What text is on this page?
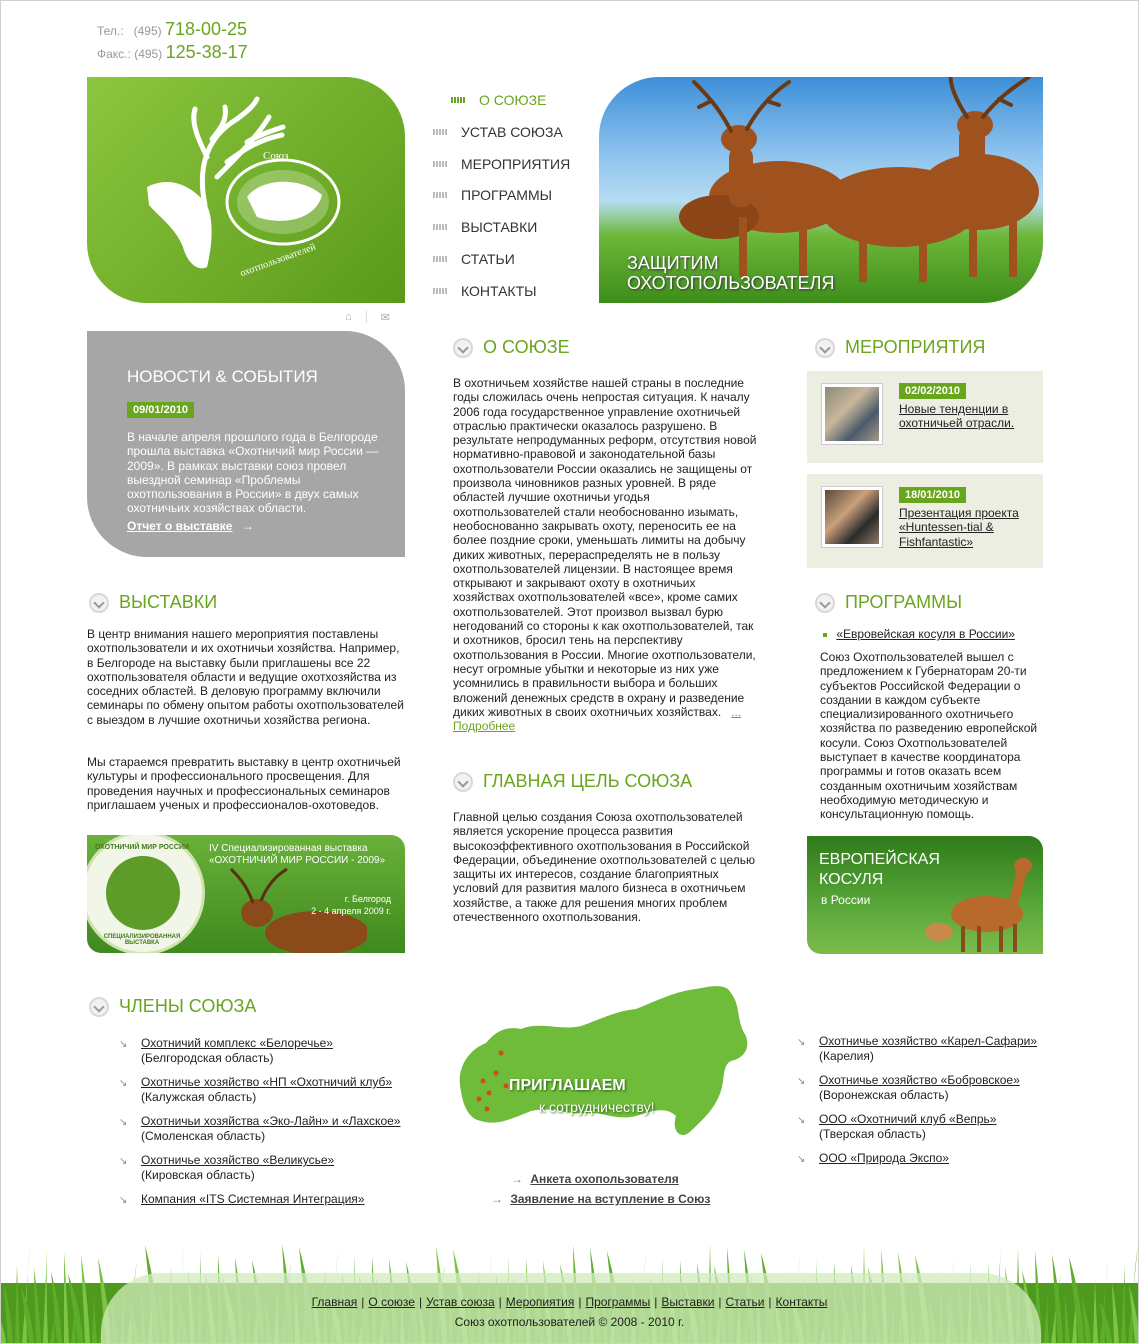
Тел.: (495) 718-00-25
Факс.: (495) 125-38-17
Союз
охотпользователей
⌂	✉
О СОЮЗЕ
УСТАВ СОЮЗА
МЕРОПРИЯТИЯ
ПРОГРАММЫ
ВЫСТАВКИ
СТАТЬИ
КОНТАКТЫ
ЗАЩИТИМ
ОХОТОПОЛЬЗОВАТЕЛЯ
НОВОСТИ & СОБЫТИЯ
09/01/2010
В начале апреля прошлого года в Белгороде прошла выставка «Охотничий мир России — 2009». В рамках выставки союз провел выездной семинар «Проблемы охотпользования в России» в двух самых охотничьих хозяйствах области.
Отчет о выставке →
О СОЮЗЕ
В охотничьем хозяйстве нашей страны в последние годы сложилась очень непростая ситуация. К началу 2006 года государственное управление охотничьей отраслью практически оказалось разрушено. В результате непродуманных реформ, отсутствия новой нормативно-правовой и законодательной базы охотпользователи России оказались не защищены от произвола чиновников разных уровней. В ряде областей лучшие охотничьи угодья охотпользователей стали необоснованно изымать, необоснованно закрывать охоту, переносить ее на более поздние сроки, уменьшать лимиты на добычу диких животных, перераспределять не в пользу охотпользователей лицензии. В настоящее время открывают и закрывают охоту в охотничьих хозяйствах охотпользователей «все», кроме самих охотпользователей. Этот произвол вызвал бурю негодований со стороны к как охотпользователей, так и охотников, бросил тень на перспективу охотпользования в России. Многие охотпользователи, несут огромные убытки и некоторые из них уже усомнились в правильности выбора и больших вложений денежных средств в охрану и разведение диких животных в своих охотничьих хозяйствах. ... Подробнее
ГЛАВНАЯ ЦЕЛЬ СОЮЗА
Главной целью создания Союза охотпользователей является ускорение процесса развития высокоэффективного охотпользования в Российской Федерации, объединение охотпользователей с целью защиты их интересов, создание благоприятных условий для развития малого бизнеса в охотничьем хозяйстве, а также для решения многих проблем отечественного охотпользования.
МЕРОПРИЯТИЯ
02/02/2010
Новые тенденции в охотничьей отрасли.
18/01/2010
Презентация проекта «Huntessen-tial & Fishfantastic»
ВЫСТАВКИ
В центр внимания нашего мероприятия поставлены охотпользователи и их охотничьи хозяйства. Например, в Белгороде на выставку были приглашены все 22 охотпользователя области и ведущие охотхозяйства из соседних областей. В деловую программу включили семинары по обмену опытом работы охотпользователей с выездом в лучшие охотничьи хозяйства региона.
Мы стараемся превратить выставку в центр охотничьей культуры и профессионального просвещения. Для проведения научных и профессиональных семинаров приглашаем ученых и профессионалов-охотоведов.
ОХОТНИЧИЙ МИР РОССИИ
СПЕЦИАЛИЗИРОВАННАЯ ВЫСТАВКА
IV Специализированная выставка
«ОХОТНИЧИЙ МИР РОССИИ - 2009»
г. Белгород
2 - 4 апреля 2009 г.
ПРОГРАММЫ
«Евровейская косуля в России»
Союз Охотпользователей вышел с предложением к Губернаторам 20-ти субъектов Российской Федерации о создании в каждом субъекте специализированного охотничьего хозяйства по разведению европейской косули. Союз Охотпользователей выступает в качестве координатора программы и готов оказать всем созданным охотничьим хозяйствам необходимую методическую и консультационную помощь.
ЕВРОПЕЙСКАЯ
КОСУЛЯ
в России
ЧЛЕНЫ СОЮЗА
↘ Охотничий комплекс «Белоречье»
(Белгородская область)
↘ Охотничье хозяйство «НП «Охотничий клуб»
(Калужская область)
↘ Охотничьи хозяйства «Эко-Лайн» и «Лахское»
(Смоленская область)
↘ Охотничье хозяйство «Великусье»
(Кировская область)
↘ Компания «ITS Системная Интеграция»
↘ Охотничье хозяйство «Карел-Сафари»
(Карелия)
↘ Охотничье хозяйство «Бобровское»
(Воронежская область)
↘ ООО «Охотничий клуб «Вепрь»
(Тверская область)
↘ ООО «Природа Экспо»
ПРИГЛАШАЕМ
к сотрудничеству!
→ Анкета охопользователя
→ Заявление на вступление в Союз
Главная | О союзе | Устав союза | Меропиятия | Программы | Выставки | Статьи | Контакты
Союз охотпользователей © 2008 - 2010 г.
